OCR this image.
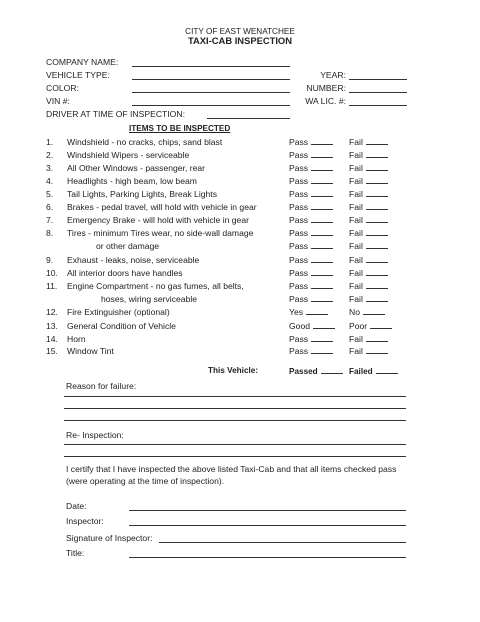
CITY OF EAST WENATCHEE
TAXI-CAB INSPECTION
COMPANY NAME:
VEHICLE TYPE:
COLOR:
VIN #:
DRIVER AT TIME OF INSPECTION:
YEAR:
NUMBER:
WA LIC. #:
ITEMS TO BE INSPECTED
1. Windshield - no cracks, chips, sand blast	Pass	Fail
2. Windshield Wipers - serviceable	Pass	Fail
3. All Other Windows - passenger, rear	Pass	Fail
4. Headlights - high beam, low beam	Pass	Fail
5. Tail Lights, Parking Lights, Break Lights	Pass	Fail
6. Brakes - pedal travel, will hold with vehicle in gear	Pass	Fail
7. Emergency Brake - will hold with vehicle in gear	Pass	Fail
8. Tires - minimum Tires wear, no side-wall damage	Pass	Fail
or other damage	Pass	Fail
9. Exhaust - leaks, noise, serviceable	Pass	Fail
10. All interior doors have handles	Pass	Fail
11. Engine Compartment - no gas fumes, all belts,	Pass	Fail
hoses, wiring serviceable	Pass	Fail
12. Fire Extinguisher (optional)	Yes	No
13. General Condition of Vehicle	Good	Poor
14. Horn	Pass	Fail
15. Window Tint	Pass	Fail
This Vehicle:	Passed	Failed
Reason for failure:
Re- Inspection:
I certify that I have inspected the above listed Taxi-Cab and that all items checked pass (were operating at the time of inspection).
Date:
Inspector:
Signature of Inspector:
Title:
